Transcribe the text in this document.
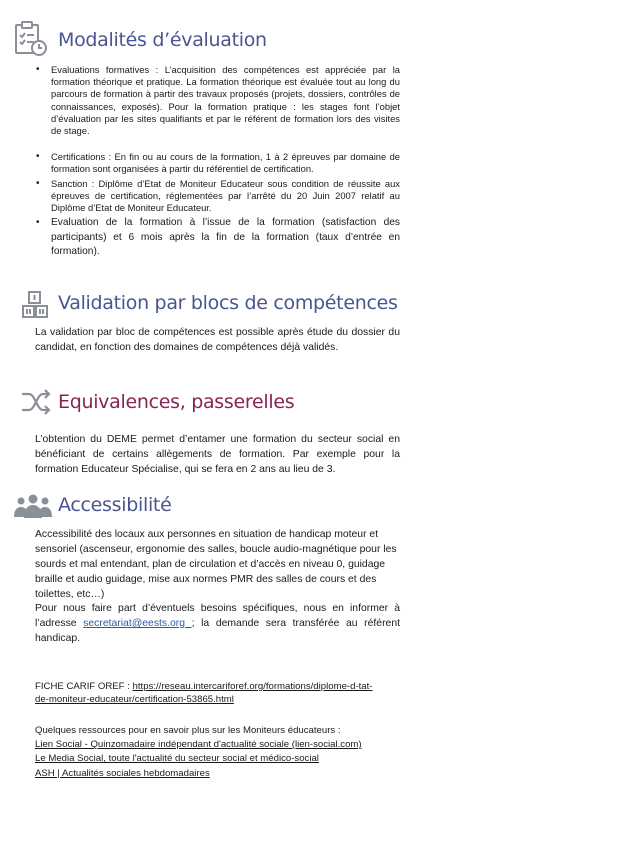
Modalités d’évaluation
• Evaluations formatives : L’acquisition des compétences est appréciée par la formation théorique et pratique. La formation théorique est évaluée tout au long du parcours de formation à partir des travaux proposés (projets, dossiers, contrôles de connaissances, exposés). Pour la formation pratique : les stages font l’objet d’évaluation par les sites qualifiants et par le référent de formation lors des visites de stage.
• Certifications : En fin ou au cours de la formation, 1 à 2 épreuves par domaine de formation sont organisées à partir du référentiel de certification.
• Sanction : Diplôme d’Etat de Moniteur Educateur sous condition de réussite aux épreuves de certification, réglementées par l’arrêté du 20 Juin 2007 relatif au Diplôme d’Etat de Moniteur Educateur.
• Evaluation de la formation à l’issue de la formation (satisfaction des participants) et 6 mois après la fin de la formation (taux d’entrée en formation).
Validation par blocs de compétences
La validation par bloc de compétences est possible après étude du dossier du candidat, en fonction des domaines de compétences déjà validés.
Equivalences, passerelles
L’obtention du DEME permet d’entamer une formation du secteur social en bénéficiant de certains allègements de formation. Par exemple pour la formation Educateur Spécialise, qui se fera en 2 ans au lieu de 3.
Accessibilité
Accessibilité des locaux aux personnes en situation de handicap moteur et sensoriel (ascenseur, ergonomie des salles, boucle audio-magnétique pour les sourds et mal entendant, plan de circulation et d’accès en niveau 0, guidage braille et audio guidage, mise aux normes PMR des salles de cours et des toilettes, etc…)
Pour nous faire part d’éventuels besoins spécifiques, nous en informer à l’adresse secretariat@eests.org ; la demande sera transférée au référent handicap.
FICHE CARIF OREF : https://reseau.intercariforef.org/formations/diplome-d-tat-
de-moniteur-educateur/certification-53865.html
Quelques ressources pour en savoir plus sur les Moniteurs éducateurs :
Lien Social - Quinzomadaire indépendant d'actualité sociale (lien-social.com)
Le Media Social, toute l'actualité du secteur social et médico-social
ASH | Actualités sociales hebdomadaires
